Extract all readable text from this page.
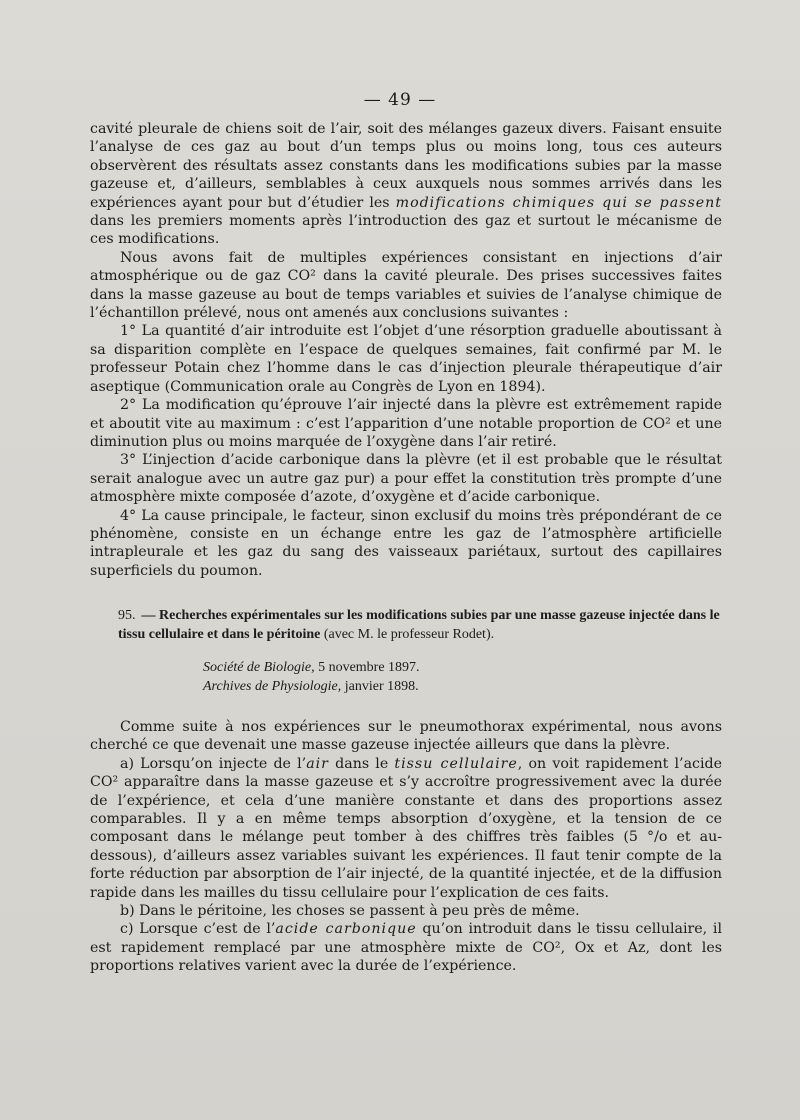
— 49 —

cavité pleurale de chiens soit de l’air, soit des mélanges gazeux divers. Faisant ensuite l’analyse de ces gaz au bout d’un temps plus ou moins long, tous ces auteurs observèrent des résultats assez constants dans les modifications subies par la masse gazeuse et, d’ailleurs, semblables à ceux auxquels nous sommes arrivés dans les expériences ayant pour but d’étudier les modifications chimiques qui se passent dans les premiers moments après l’introduction des gaz et surtout le mécanisme de ces modifications.

Nous avons fait de multiples expériences consistant en injections d’air atmosphérique ou de gaz CO² dans la cavité pleurale. Des prises successives faites dans la masse gazeuse au bout de temps variables et suivies de l’analyse chimique de l’échantillon prélevé, nous ont amenés aux conclusions suivantes :

1° La quantité d’air introduite est l’objet d’une résorption graduelle aboutissant à sa disparition complète en l’espace de quelques semaines, fait confirmé par M. le professeur Potain chez l’homme dans le cas d’injection pleurale thérapeutique d’air aseptique (Communication orale au Congrès de Lyon en 1894).

2° La modification qu’éprouve l’air injecté dans la plèvre est extrêmement rapide et aboutit vite au maximum : c’est l’apparition d’une notable proportion de CO² et une diminution plus ou moins marquée de l’oxygène dans l’air retiré.

3° L’injection d’acide carbonique dans la plèvre (et il est probable que le résultat serait analogue avec un autre gaz pur) a pour effet la constitution très prompte d’une atmosphère mixte composée d’azote, d’oxygène et d’acide carbonique.

4° La cause principale, le facteur, sinon exclusif du moins très prépondérant de ce phénomène, consiste en un échange entre les gaz de l’atmosphère artificielle intrapleurale et les gaz du sang des vaisseaux pariétaux, surtout des capillaires superficiels du poumon.

95. — Recherches expérimentales sur les modifications subies par une masse gazeuse injectée dans le tissu cellulaire et dans le péritoine (avec M. le professeur Rodet).
Société de Biologie, 5 novembre 1897.
Archives de Physiologie, janvier 1898.

Comme suite à nos expériences sur le pneumothorax expérimental, nous avons cherché ce que devenait une masse gazeuse injectée ailleurs que dans la plèvre.

a) Lorsqu’on injecte de l’air dans le tissu cellulaire, on voit rapidement l’acide CO² apparaître dans la masse gazeuse et s’y accroître progressivement avec la durée de l’expérience, et cela d’une manière constante et dans des proportions assez comparables. Il y a en même temps absorption d’oxygène, et la tension de ce composant dans le mélange peut tomber à des chiffres très faibles (5 °/o et au-dessous), d’ailleurs assez variables suivant les expériences. Il faut tenir compte de la forte réduction par absorption de l’air injecté, de la quantité injectée, et de la diffusion rapide dans les mailles du tissu cellulaire pour l’explication de ces faits.

b) Dans le péritoine, les choses se passent à peu près de même.

c) Lorsque c’est de l’acide carbonique qu’on introduit dans le tissu cellulaire, il est rapidement remplacé par une atmosphère mixte de CO², Ox et Az, dont les proportions relatives varient avec la durée de l’expérience.
